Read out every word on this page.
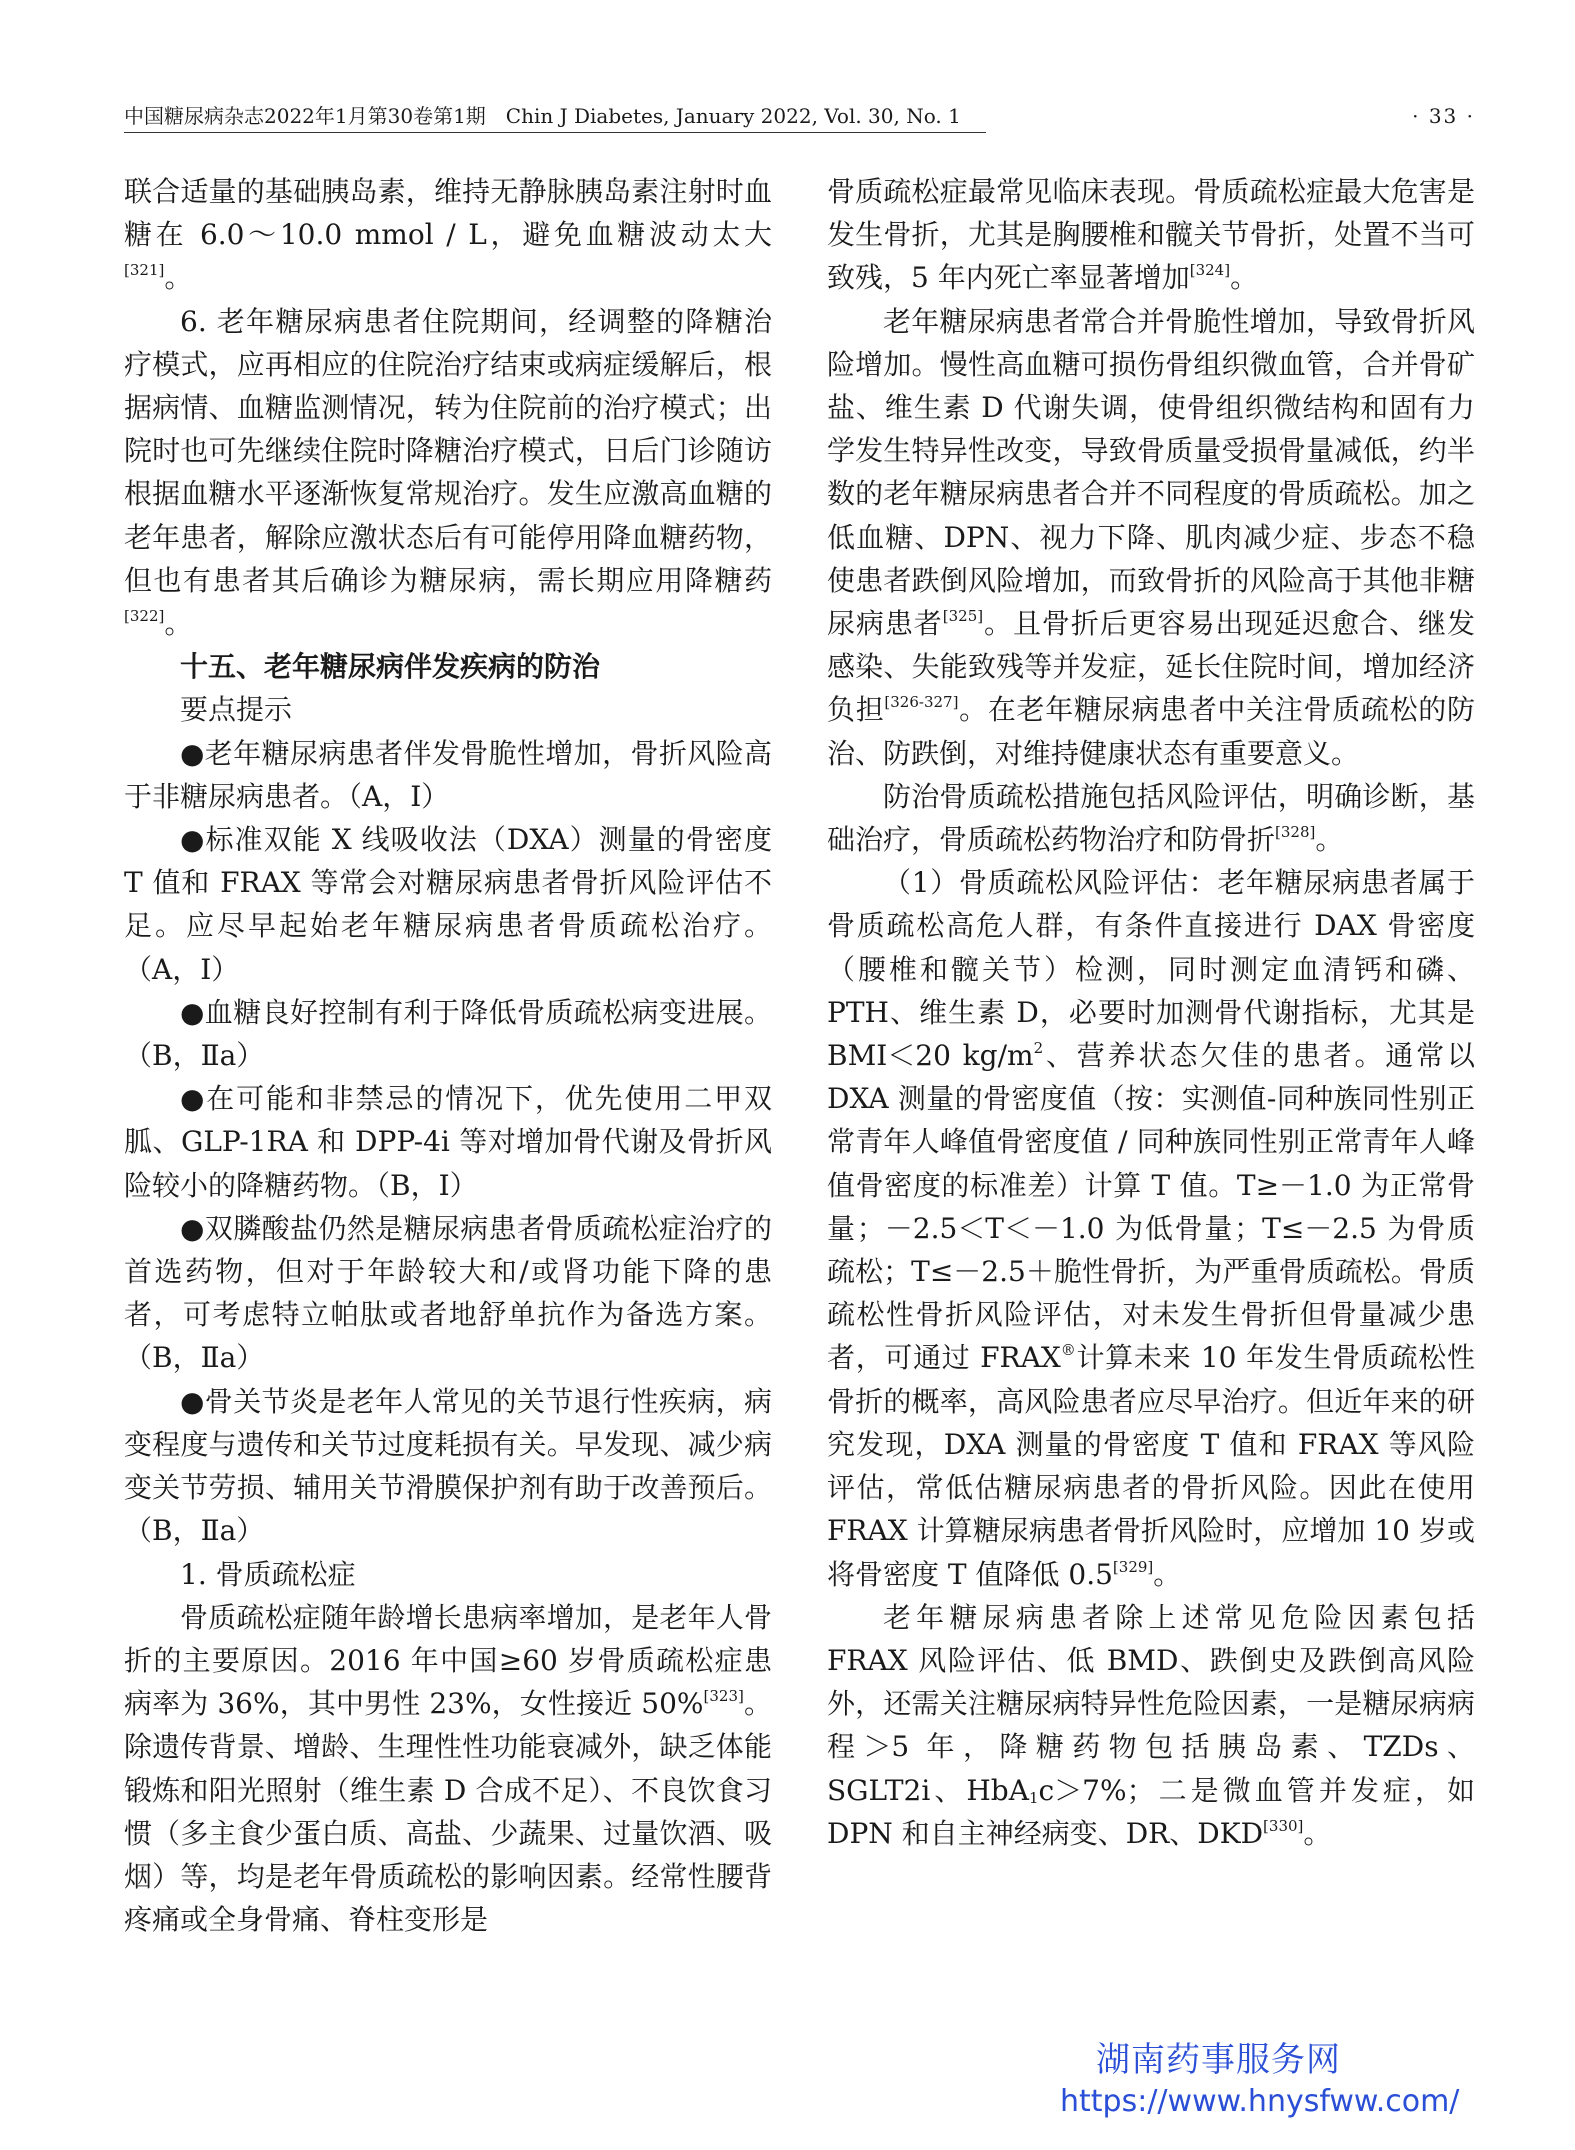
中国糖尿病杂志2022年1月第30卷第1期　Chin J Diabetes, January 2022, Vol. 30, No. 1	· 33 ·

联合适量的基础胰岛素，维持无静脉胰岛素注射时血糖在 6.0～10.0 mmol / L，避免血糖波动太大[321]。

6. 老年糖尿病患者住院期间，经调整的降糖治疗模式，应再相应的住院治疗结束或病症缓解后，根据病情、血糖监测情况，转为住院前的治疗模式；出院时也可先继续住院时降糖治疗模式，日后门诊随访根据血糖水平逐渐恢复常规治疗。发生应激高血糖的老年患者，解除应激状态后有可能停用降血糖药物，但也有患者其后确诊为糖尿病，需长期应用降糖药[322]。

十五、老年糖尿病伴发疾病的防治

要点提示

●老年糖尿病患者伴发骨脆性增加，骨折风险高于非糖尿病患者。（A，Ⅰ）

●标准双能 X 线吸收法（DXA）测量的骨密度 T 值和 FRAX 等常会对糖尿病患者骨折风险评估不足。应尽早起始老年糖尿病患者骨质疏松治疗。（A，Ⅰ）

●血糖良好控制有利于降低骨质疏松病变进展。（B，Ⅱa）

●在可能和非禁忌的情况下，优先使用二甲双胍、GLP-1RA 和 DPP-4i 等对增加骨代谢及骨折风险较小的降糖药物。（B，Ⅰ）

●双膦酸盐仍然是糖尿病患者骨质疏松症治疗的首选药物，但对于年龄较大和/或肾功能下降的患者，可考虑特立帕肽或者地舒单抗作为备选方案。（B，Ⅱa）

●骨关节炎是老年人常见的关节退行性疾病，病变程度与遗传和关节过度耗损有关。早发现、减少病变关节劳损、辅用关节滑膜保护剂有助于改善预后。（B，Ⅱa）

1. 骨质疏松症

骨质疏松症随年龄增长患病率增加，是老年人骨折的主要原因。2016 年中国≥60 岁骨质疏松症患病率为 36%，其中男性 23%，女性接近 50%[323]。除遗传背景、增龄、生理性性功能衰减外，缺乏体能锻炼和阳光照射（维生素 D 合成不足）、不良饮食习惯（多主食少蛋白质、高盐、少蔬果、过量饮酒、吸烟）等，均是老年骨质疏松的影响因素。经常性腰背疼痛或全身骨痛、脊柱变形是

骨质疏松症最常见临床表现。骨质疏松症最大危害是发生骨折，尤其是胸腰椎和髋关节骨折，处置不当可致残，5 年内死亡率显著增加[324]。

老年糖尿病患者常合并骨脆性增加，导致骨折风险增加。慢性高血糖可损伤骨组织微血管，合并骨矿盐、维生素 D 代谢失调，使骨组织微结构和固有力学发生特异性改变，导致骨质量受损骨量减低，约半数的老年糖尿病患者合并不同程度的骨质疏松。加之低血糖、DPN、视力下降、肌肉减少症、步态不稳使患者跌倒风险增加，而致骨折的风险高于其他非糖尿病患者[325]。且骨折后更容易出现延迟愈合、继发感染、失能致残等并发症，延长住院时间，增加经济负担[326-327]。在老年糖尿病患者中关注骨质疏松的防治、防跌倒，对维持健康状态有重要意义。

防治骨质疏松措施包括风险评估，明确诊断，基础治疗，骨质疏松药物治疗和防骨折[328]。

（1）骨质疏松风险评估：老年糖尿病患者属于骨质疏松高危人群，有条件直接进行 DAX 骨密度（腰椎和髋关节）检测，同时测定血清钙和磷、PTH、维生素 D，必要时加测骨代谢指标，尤其是 BMI＜20 $kg/m^2$、营养状态欠佳的患者。通常以 DXA 测量的骨密度值（按：实测值-同种族同性别正常青年人峰值骨密度值 / 同种族同性别正常青年人峰值骨密度的标准差）计算 T 值。T≥－1.0 为正常骨量；－2.5＜T＜－1.0 为低骨量；T≤－2.5 为骨质疏松；T≤－2.5＋脆性骨折，为严重骨质疏松。骨质疏松性骨折风险评估，对未发生骨折但骨量减少患者，可通过 FRAX®计算未来 10 年发生骨质疏松性骨折的概率，高风险患者应尽早治疗。但近年来的研究发现，DXA 测量的骨密度 T 值和 FRAX 等风险评估，常低估糖尿病患者的骨折风险。因此在使用 FRAX 计算糖尿病患者骨折风险时，应增加 10 岁或将骨密度 T 值降低 0.5[329]。

老年糖尿病患者除上述常见危险因素包括 FRAX 风险评估、低 BMD、跌倒史及跌倒高风险外，还需关注糖尿病特异性危险因素，一是糖尿病病程＞5 年，降糖药物包括胰岛素、TZDs、SGLT2i、HbA$_1$c＞7%；二是微血管并发症，如 DPN 和自主神经病变、DR、DKD[330]。

湖南药事服务网
https://www.hnysfww.com/
